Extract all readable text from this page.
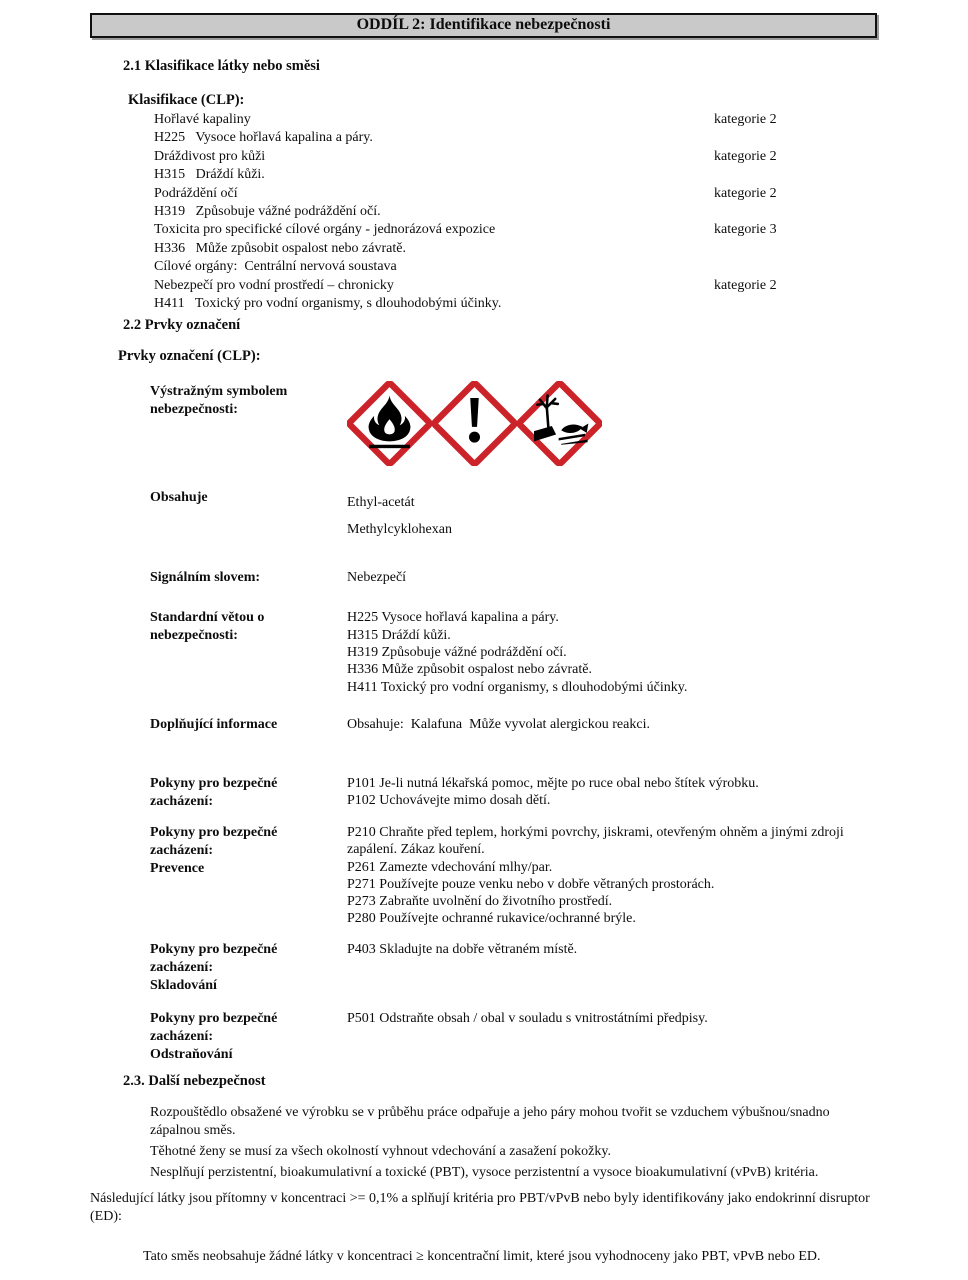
ODDÍL 2: Identifikace nebezpečnosti
2.1 Klasifikace látky nebo směsi
Klasifikace (CLP):
Hořlavé kapaliny	kategorie 2
H225   Vysoce hořlavá kapalina a páry.
Dráždivost pro kůži	kategorie 2
H315   Dráždí kůži.
Podráždění očí	kategorie 2
H319   Způsobuje vážné podráždění očí.
Toxicita pro specifické cílové orgány - jednorázová expozice	kategorie 3
H336   Může způsobit ospalost nebo závratě.
Cílové orgány:  Centrální nervová soustava
Nebezpečí pro vodní prostředí – chronicky	kategorie 2
H411   Toxický pro vodní organismy, s dlouhodobými účinky.
2.2 Prvky označení
Prvky označení (CLP):
Výstražným symbolem
nebezpečnosti:
Obsahuje	Ethyl-acetát
Methylcyklohexan
Signálním slovem:	Nebezpečí
Standardní větou o
nebezpečnosti:
H225 Vysoce hořlavá kapalina a páry.
H315 Dráždí kůži.
H319 Způsobuje vážné podráždění očí.
H336 Může způsobit ospalost nebo závratě.
H411 Toxický pro vodní organismy, s dlouhodobými účinky.
Doplňující informace	Obsahuje:  Kalafuna  Může vyvolat alergickou reakci.
Pokyny pro bezpečné
zacházení:
P101 Je-li nutná lékařská pomoc, mějte po ruce obal nebo štítek výrobku.
P102 Uchovávejte mimo dosah dětí.
Pokyny pro bezpečné
zacházení:
Prevence
P210 Chraňte před teplem, horkými povrchy, jiskrami, otevřeným ohněm a jinými zdroji zapálení. Zákaz kouření.
P261 Zamezte vdechování mlhy/par.
P271 Používejte pouze venku nebo v dobře větraných prostorách.
P273 Zabraňte uvolnění do životního prostředí.
P280 Používejte ochranné rukavice/ochranné brýle.
Pokyny pro bezpečné
zacházení:
Skladování
P403 Skladujte na dobře větraném místě.
Pokyny pro bezpečné
zacházení:
Odstraňování
P501 Odstraňte obsah / obal v souladu s vnitrostátními předpisy.
2.3. Další nebezpečnost

Rozpouštědlo obsažené ve výrobku se v průběhu práce odpařuje a jeho páry mohou tvořit se vzduchem výbušnou/snadno zápalnou směs.

Těhotné ženy se musí za všech okolností vyhnout vdechování a zasažení pokožky.

Nesplňují perzistentní, bioakumulativní a toxické (PBT), vysoce perzistentní a vysoce bioakumulativní (vPvB) kritéria.

Následující látky jsou přítomny v koncentraci >= 0,1% a splňují kritéria pro PBT/vPvB nebo byly identifikovány jako endokrinní disruptor (ED):
Tato směs neobsahuje žádné látky v koncentraci ≥ koncentrační limit, které jsou vyhodnoceny jako PBT, vPvB nebo ED.
